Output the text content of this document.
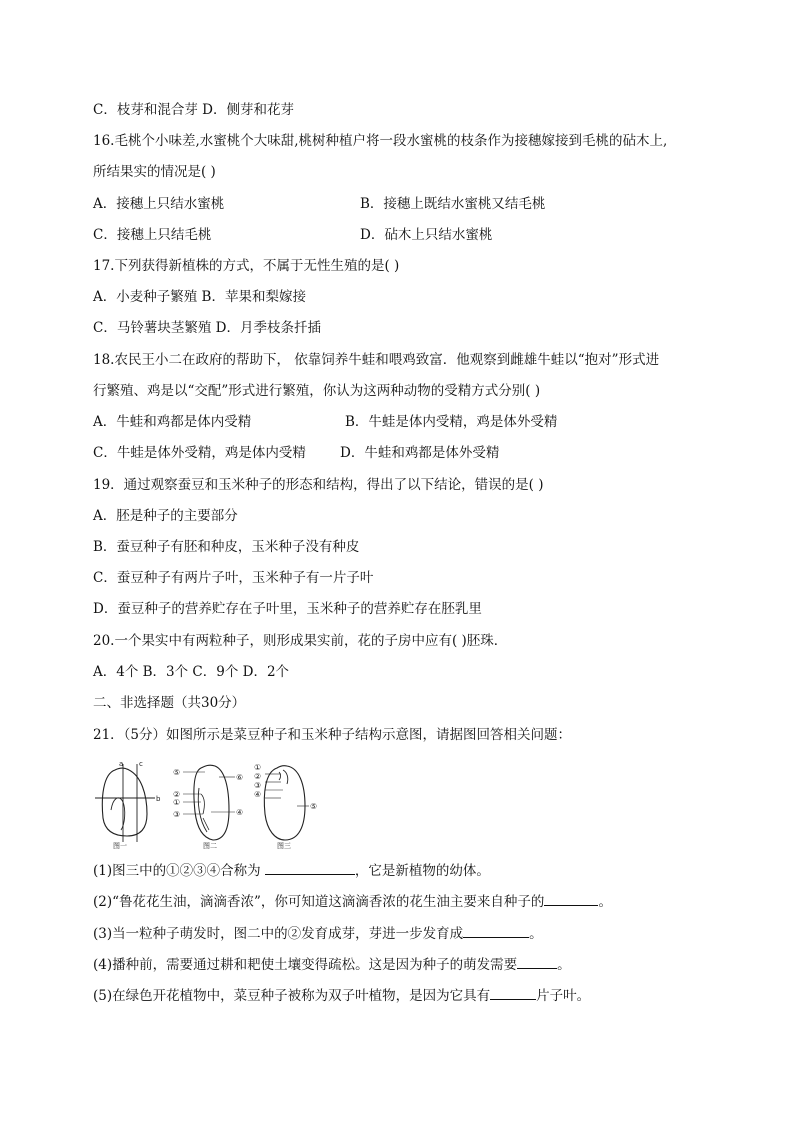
C．枝芽和混合芽 D．侧芽和花芽
16.毛桃个小味差,水蜜桃个大味甜,桃树种植户将一段水蜜桃的枝条作为接穗嫁接到毛桃的砧木上,
所结果实的情况是( )
A．接穗上只结水蜜桃	B．接穗上既结水蜜桃又结毛桃
C．接穗上只结毛桃	D．砧木上只结水蜜桃
17.下列获得新植株的方式，不属于无性生殖的是( )
A．小麦种子繁殖 B．苹果和梨嫁接
C．马铃薯块茎繁殖 D．月季枝条扦插
18.农民王小二在政府的帮助下， 依靠饲养牛蛙和喂鸡致富．他观察到雌雄牛蛙以“抱对”形式进
行繁殖、鸡是以“交配”形式进行繁殖，你认为这两种动物的受精方式分别( )
A．牛蛙和鸡都是体内受精	B．牛蛙是体内受精，鸡是体外受精
C．牛蛙是体外受精，鸡是体内受精	D．牛蛙和鸡都是体外受精
19．通过观察蚕豆和玉米种子的形态和结构，得出了以下结论，错误的是( )
A．胚是种子的主要部分
B．蚕豆种子有胚和种皮，玉米种子没有种皮
C．蚕豆种子有两片子叶，玉米种子有一片子叶
D．蚕豆种子的营养贮存在子叶里，玉米种子的营养贮存在胚乳里
20.一个果实中有两粒种子，则形成果实前，花的子房中应有( )胚珠．
A．4个 B．3个 C．9个 D．2个
二、非选择题（共30分）
21．（5分）如图所示是菜豆种子和玉米种子结构示意图，请据图回答相关问题：
a c
b
图一
⑤
②
①
③
⑥
④
图二
①
②
③
④
⑤
图三
(1)图三中的①②③④合称为	，它是新植物的幼体。
(2)“鲁花花生油，滴滴香浓”，你可知道这滴滴香浓的花生油主要来自种子的	。
(3)当一粒种子萌发时，图二中的②发育成芽，芽进一步发育成	。
(4)播种前，需要通过耕和耙使土壤变得疏松。这是因为种子的萌发需要	。
(5)在绿色开花植物中，菜豆种子被称为双子叶植物，是因为它具有	片子叶。
